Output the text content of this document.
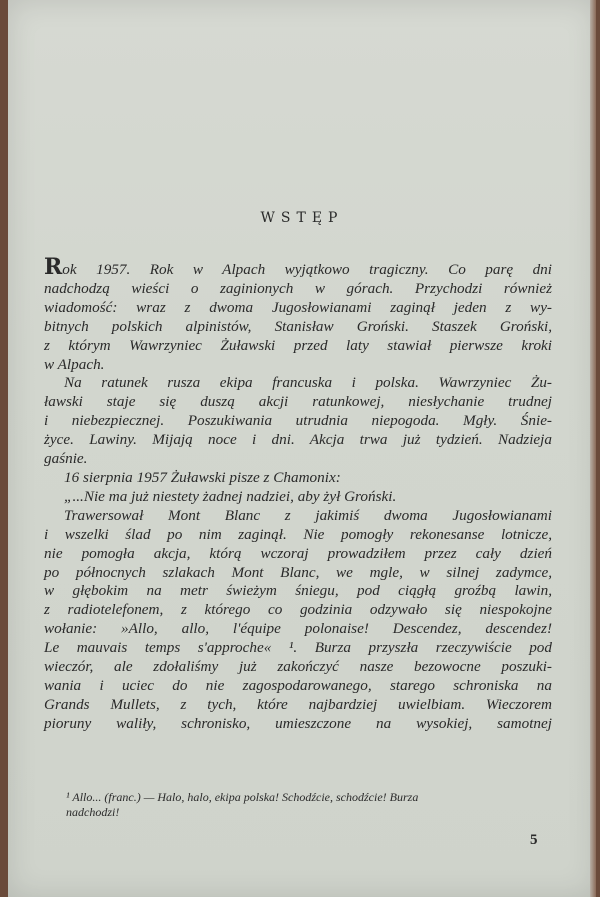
WSTĘP
Rok 1957. Rok w Alpach wyjątkowo tragiczny. Co parę dni
nadchodzą wieści o zaginionych w górach. Przychodzi również
wiadomość: wraz z dwoma Jugosłowianami zaginął jeden z wy-
bitnych polskich alpinistów, Stanisław Groński. Staszek Groński,
z którym Wawrzyniec Żuławski przed laty stawiał pierwsze kroki
w Alpach.
Na ratunek rusza ekipa francuska i polska. Wawrzyniec Żu-
ławski staje się duszą akcji ratunkowej, niesłychanie trudnej
i niebezpiecznej. Poszukiwania utrudnia niepogoda. Mgły. Śnie-
życe. Lawiny. Mijają noce i dni. Akcja trwa już tydzień. Nadzieja
gaśnie.
16 sierpnia 1957 Żuławski pisze z Chamonix:
„...Nie ma już niestety żadnej nadziei, aby żył Groński.
Trawersował Mont Blanc z jakimiś dwoma Jugosłowianami
i wszelki ślad po nim zaginął. Nie pomogły rekonesanse lotnicze,
nie pomogła akcja, którą wczoraj prowadziłem przez cały dzień
po północnych szlakach Mont Blanc, we mgle, w silnej zadymce,
w głębokim na metr świeżym śniegu, pod ciągłą groźbą lawin,
z radiotelefonem, z którego co godzinia odzywało się niespokojne
wołanie: »Allo, allo, l'équipe polonaise! Descendez, descendez!
Le mauvais temps s'approche« ¹. Burza przyszła rzeczywiście pod
wieczór, ale zdołaliśmy już zakończyć nasze bezowocne poszuki-
wania i uciec do nie zagospodarowanego, starego schroniska na
Grands Mullets, z tych, które najbardziej uwielbiam. Wieczorem
pioruny waliły, schronisko, umieszczone na wysokiej, samotnej
¹ Allo... (franc.) — Halo, halo, ekipa polska! Schodźcie, schodźcie! Burza
nadchodzi!
5
